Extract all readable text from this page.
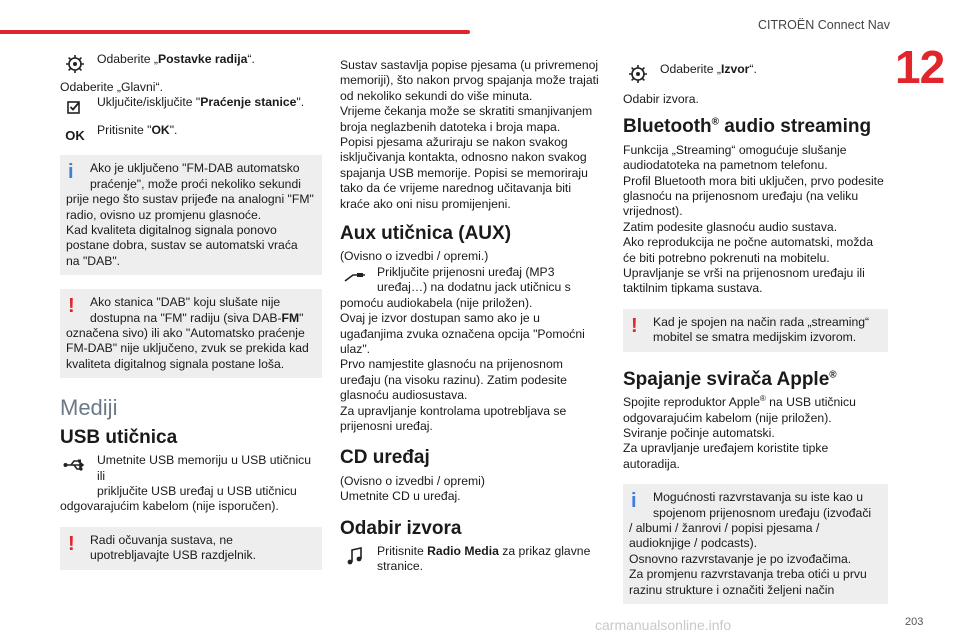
CITROËN Connect Nav
12
Odaberite „Postavke radija“.
Odaberite „Glavni“.
Uključite/isključite "Praćenje stanice".
OK Pritisnite "OK".
i	Ako je uključeno "FM-DAB automatsko
praćenje", može proći nekoliko sekundi
prije nego što sustav prijeđe na analogni "FM" radio, ovisno uz promjenu glasnoće.
Kad kvaliteta digitalnog signala ponovo postane dobra, sustav se automatski vraća na "DAB".
!	Ako stanica "DAB" koju slušate nije
dostupna na "FM" radiju (siva DAB-FM"
označena sivo) ili ako "Automatsko praćenje FM-DAB" nije uključeno, zvuk se prekida kad kvaliteta digitalnog signala postane loša.
Mediji
USB utičnica
Umetnite USB memoriju u USB utičnicu ili
priključite USB uređaj u USB utičnicu
odgovarajućim kabelom (nije isporučen).
!	Radi očuvanja sustava, ne
upotrebljavajte USB razdjelnik.
Sustav sastavlja popise pjesama (u privremenoj memoriji), što nakon prvog spajanja može trajati od nekoliko sekundi do više minuta.
Vrijeme čekanja može se skratiti smanjivanjem broja neglazbenih datoteka i broja mapa.
Popisi pjesama ažuriraju se nakon svakog isključivanja kontakta, odnosno nakon svakog spajanja USB memorije. Popisi se memoriraju tako da će vrijeme narednog učitavanja biti kraće ako oni nisu promijenjeni.
Aux utičnica (AUX)
(Ovisno o izvedbi / opremi.)
Priključite prijenosni uređaj (MP3
uređaj…) na dodatnu jack utičnicu s
pomoću audiokabela (nije priložen).
Ovaj je izvor dostupan samo ako je u ugađanjima zvuka označena opcija "Pomoćni ulaz".
Prvo namjestite glasnoću na prijenosnom uređaju (na visoku razinu). Zatim podesite glasnoću audiosustava.
Za upravljanje kontrolama upotrebljava se prijenosni uređaj.
CD uređaj
(Ovisno o izvedbi / opremi)
Umetnite CD u uređaj.
Odabir izvora
Pritisnite Radio Media za prikaz glavne stranice.
Odaberite „Izvor“.
Odabir izvora.
Bluetooth® audio streaming
Funkcija „Streaming“ omogućuje slušanje audiodatoteka na pametnom telefonu.
Profil Bluetooth mora biti uključen, prvo podesite glasnoću na prijenosnom uređaju (na veliku vrijednost).
Zatim podesite glasnoću audio sustava.
Ako reprodukcija ne počne automatski, možda će biti potrebno pokrenuti na mobitelu.
Upravljanje se vrši na prijenosnom uređaju ili taktilnim tipkama sustava.
!	Kad je spojen na način rada „streaming“
mobitel se smatra medijskim izvorom.
Spajanje svirača Apple®
Spojite reproduktor Apple® na USB utičnicu odgovarajućim kabelom (nije priložen).
Sviranje počinje automatski.
Za upravljanje uređajem koristite tipke autoradija.
i	Mogućnosti razvrstavanja su iste kao u
spojenom prijenosnom uređaju (izvođači
/ albumi / žanrovi / popisi pjesama / audioknjige / podcasts).
Osnovno razvrstavanje je po izvođačima.
Za promjenu razvrstavanja treba otići u prvu razinu strukture i označiti željeni način
carmanualsonline.info	203
